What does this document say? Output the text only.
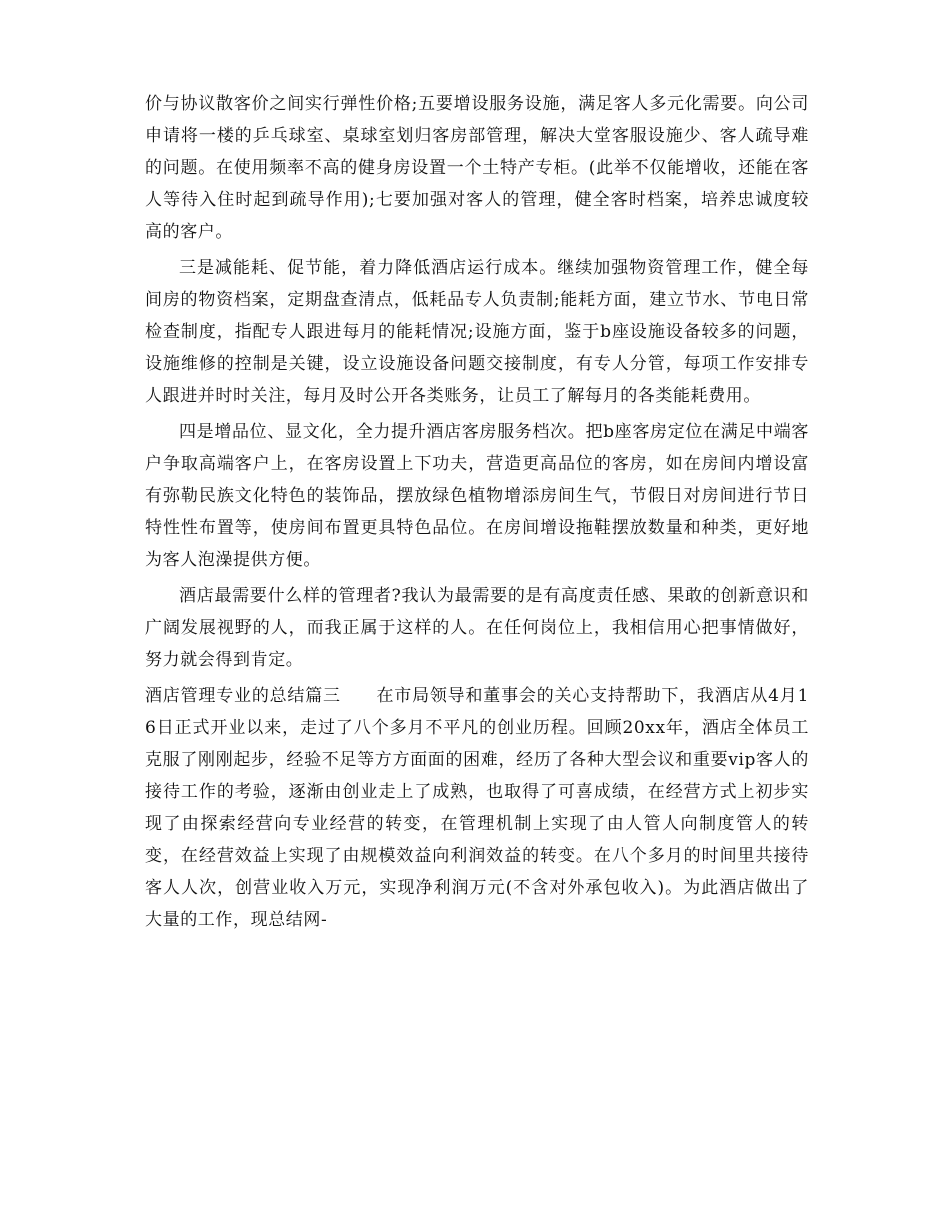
价与协议散客价之间实行弹性价格;五要增设服务设施，满足客人多元化需要。向公司申请将一楼的乒乓球室、桌球室划归客房部管理，解决大堂客服设施少、客人疏导难的问题。在使用频率不高的健身房设置一个土特产专柜。(此举不仅能增收，还能在客人等待入住时起到疏导作用);七要加强对客人的管理，健全客时档案，培养忠诚度较高的客户。

三是减能耗、促节能，着力降低酒店运行成本。继续加强物资管理工作，健全每间房的物资档案，定期盘查清点，低耗品专人负责制;能耗方面，建立节水、节电日常检查制度，指配专人跟进每月的能耗情况;设施方面，鉴于b座设施设备较多的问题，设施维修的控制是关键，设立设施设备问题交接制度，有专人分管，每项工作安排专人跟进并时时关注，每月及时公开各类账务，让员工了解每月的各类能耗费用。

四是增品位、显文化，全力提升酒店客房服务档次。把b座客房定位在满足中端客户争取高端客户上，在客房设置上下功夫，营造更高品位的客房，如在房间内增设富有弥勒民族文化特色的装饰品，摆放绿色植物增添房间生气，节假日对房间进行节日特性性布置等，使房间布置更具特色品位。在房间增设拖鞋摆放数量和种类，更好地为客人泡澡提供方便。

酒店最需要什么样的管理者?我认为最需要的是有高度责任感、果敢的创新意识和广阔发展视野的人，而我正属于这样的人。在任何岗位上，我相信用心把事情做好，努力就会得到肯定。

酒店管理专业的总结篇三　　在市局领导和董事会的关心支持帮助下，我酒店从4月16日正式开业以来，走过了八个多月不平凡的创业历程。回顾20xx年，酒店全体员工克服了刚刚起步，经验不足等方方面面的困难，经历了各种大型会议和重要vip客人的接待工作的考验，逐渐由创业走上了成熟，也取得了可喜成绩，在经营方式上初步实现了由探索经营向专业经营的转变，在管理机制上实现了由人管人向制度管人的转变，在经营效益上实现了由规模效益向利润效益的转变。在八个多月的时间里共接待客人人次，创营业收入万元，实现净利润万元(不含对外承包收入)。为此酒店做出了大量的工作，现总结网-
